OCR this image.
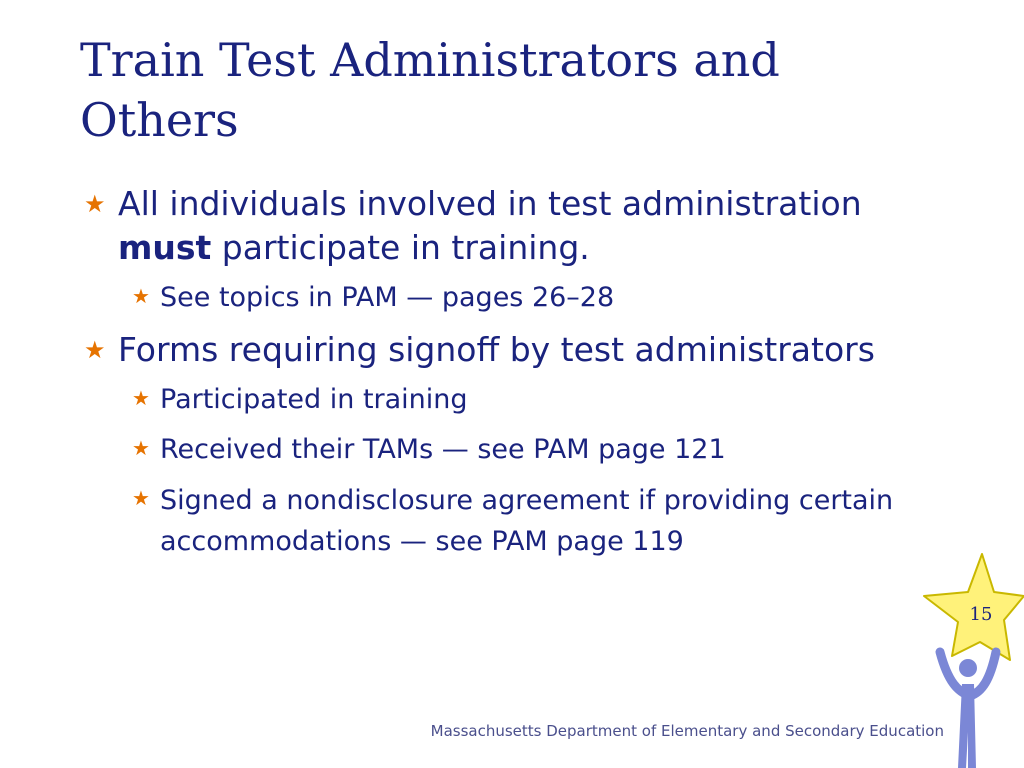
Train Test Administrators and Others
★ All individuals involved in test administration must participate in training.
★ See topics in PAM — pages 26–28
★ Forms requiring signoff by test administrators
★ Participated in training
★ Received their TAMs — see PAM page 121
★ Signed a nondisclosure agreement if providing certain accommodations — see PAM page 119
15
Massachusetts Department of Elementary and Secondary Education
